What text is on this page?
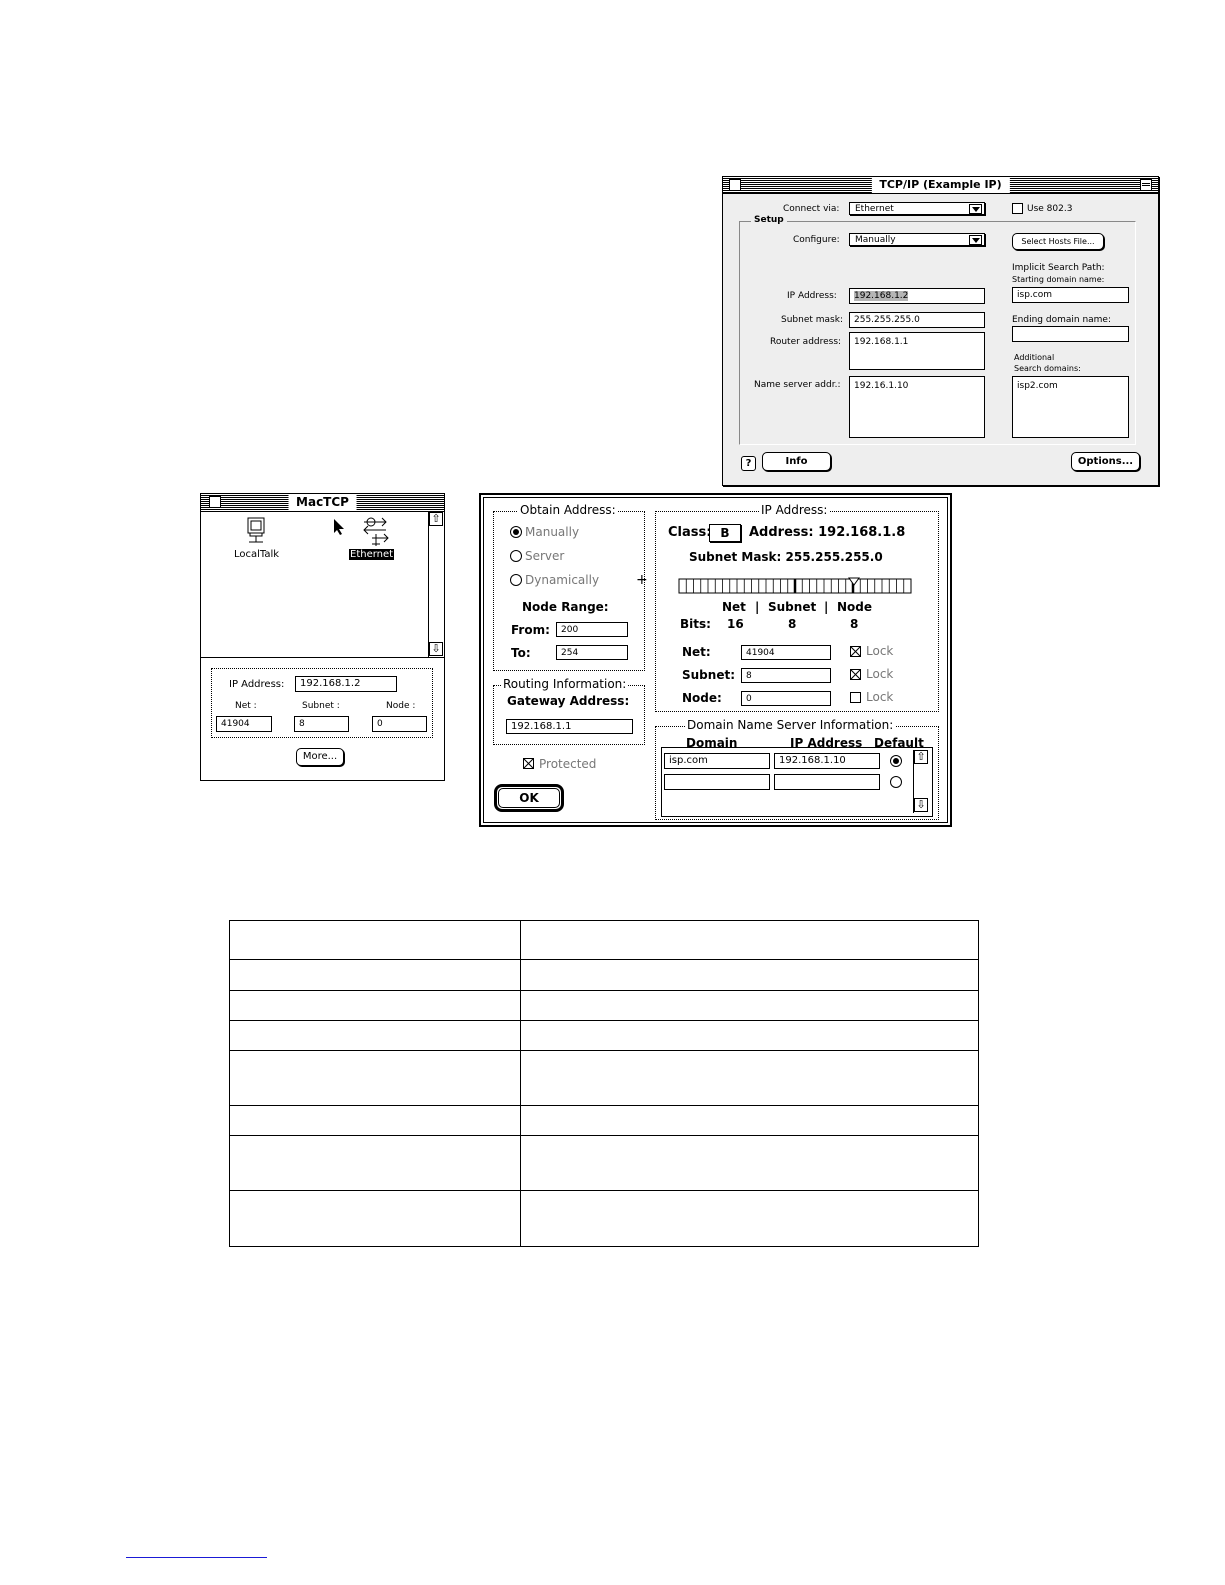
TCP/IP (Example IP)
Connect via:	Ethernet	Use 802.3
Setup
Configure:	Manually	Select Hosts File...
Implicit Search Path:
Starting domain name:
isp.com
IP Address:	192.168.1.2
Subnet mask:	255.255.255.0	Ending domain name:
Router address:	192.168.1.1
Additional
Search domains:
Name server addr.:	192.16.1.10	isp2.com
?	Info	Options...
MacTCP
LocalTalk	Ethernet
⇧
⇩
IP Address:	192.168.1.2
Net :	Subnet :	Node :
41904	8	0
More...
Obtain Address:
Manually
Server
Dynamically
Node Range:
From:	200
To:	254
+
Routing Information:
Gateway Address:
192.168.1.1
Protected
OK
IP Address:
Class: B	Address: 192.168.1.8
Subnet Mask: 255.255.255.0
Net | Subnet | Node
Bits: 16	8	8
Net:	41904	Lock
Subnet:	8	Lock
Node:	0	Lock
Domain Name Server Information:
Domain	IP Address Default
isp.com	192.168.1.10	⇧
⇩
